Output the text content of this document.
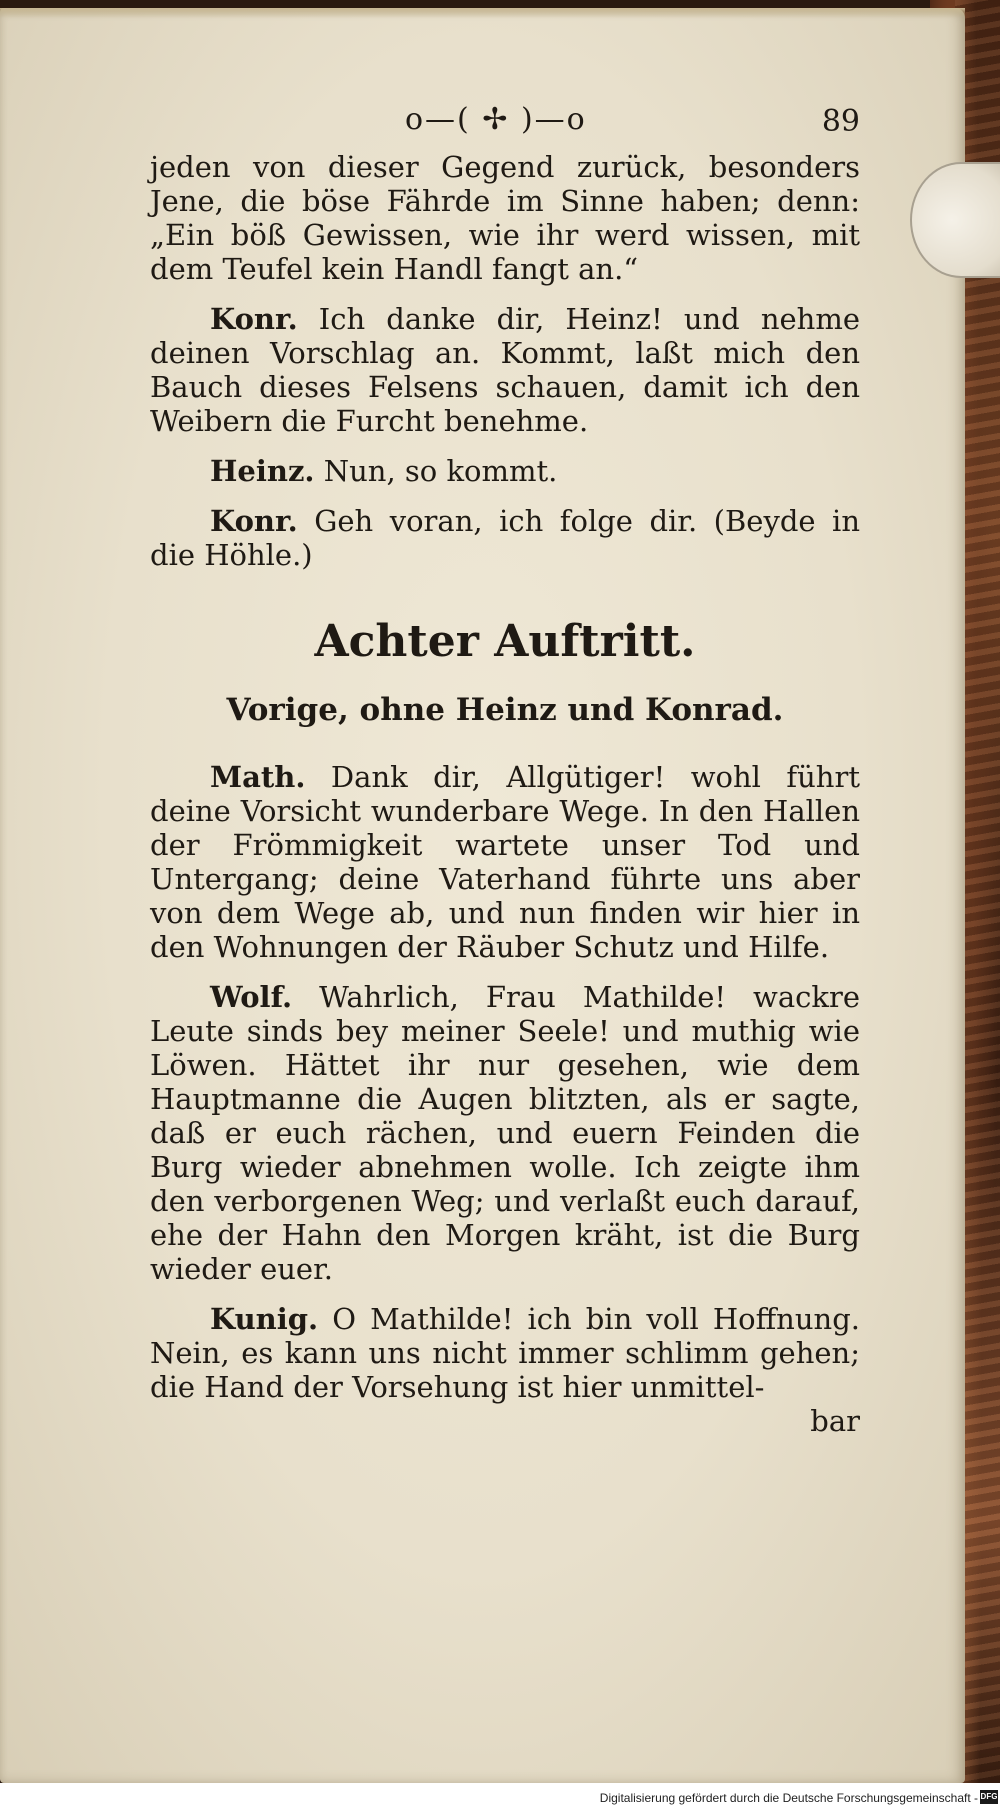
o—( ✢ )—o	89

jeden von dieser Gegend zurück, besonders Jene, die böse Fährde im Sinne haben; denn: „Ein böß Gewissen, wie ihr werd wissen, mit dem Teufel kein Handl fangt an.“

Konr. Ich danke dir, Heinz! und nehme deinen Vorschlag an. Kommt, laßt mich den Bauch dieses Felsens schauen, damit ich den Weibern die Furcht benehme.

Heinz. Nun, so kommt.

Konr. Geh voran, ich folge dir. (Beyde in die Höhle.)

Achter Auftritt.
Vorige, ohne Heinz und Konrad.

Math. Dank dir, Allgütiger! wohl führt deine Vorsicht wunderbare Wege. In den Hallen der Frömmigkeit wartete unser Tod und Untergang; deine Vaterhand führte uns aber von dem Wege ab, und nun finden wir hier in den Wohnungen der Räuber Schutz und Hilfe.

Wolf. Wahrlich, Frau Mathilde! wackre Leute sinds bey meiner Seele! und muthig wie Löwen. Hättet ihr nur gesehen, wie dem Hauptmanne die Augen blitzten, als er sagte, daß er euch rächen, und euern Feinden die Burg wieder abnehmen wolle. Ich zeigte ihm den verborgenen Weg; und verlaßt euch darauf, ehe der Hahn den Morgen kräht, ist die Burg wieder euer.

Kunig. O Mathilde! ich bin voll Hoffnung. Nein, es kann uns nicht immer schlimm gehen; die Hand der Vorsehung ist hier unmittel-

bar
Digitalisierung gefördert durch die Deutsche Forschungsgemeinschaft - DFG
